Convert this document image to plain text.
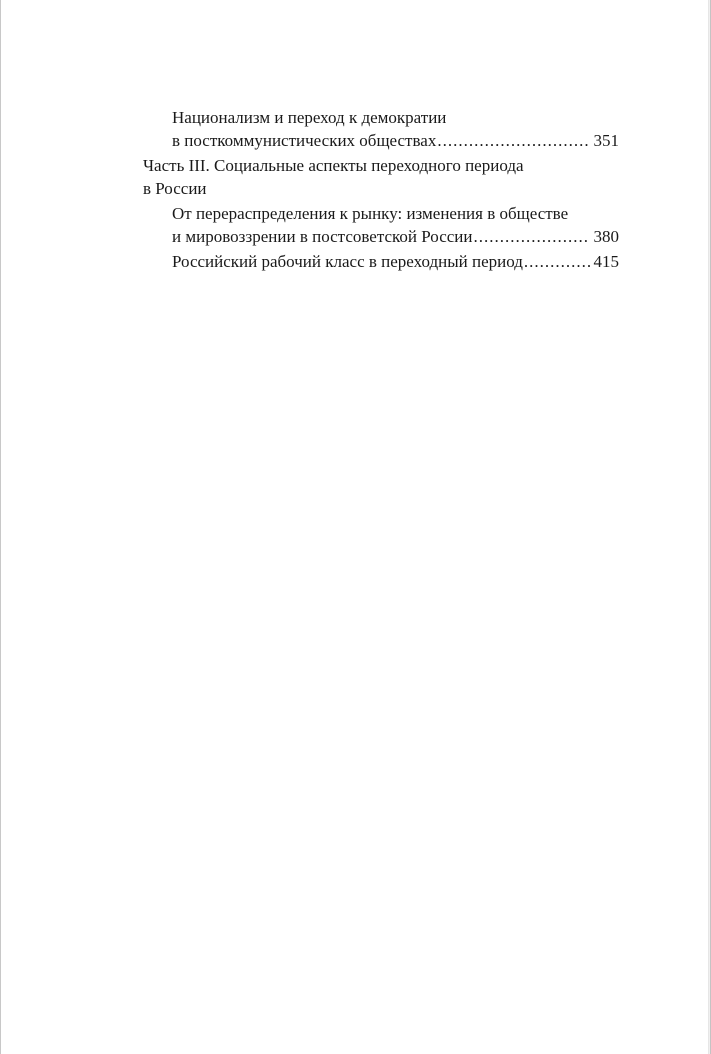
Национализм и переход к демократии
в посткоммунистических обществах .....	351
Часть III. Социальные аспекты переходного периода
в России
От перераспределения к рынку: изменения в обществе
и мировоззрении в постсоветской России .....	380
Российский рабочий класс в переходный период .....	415
